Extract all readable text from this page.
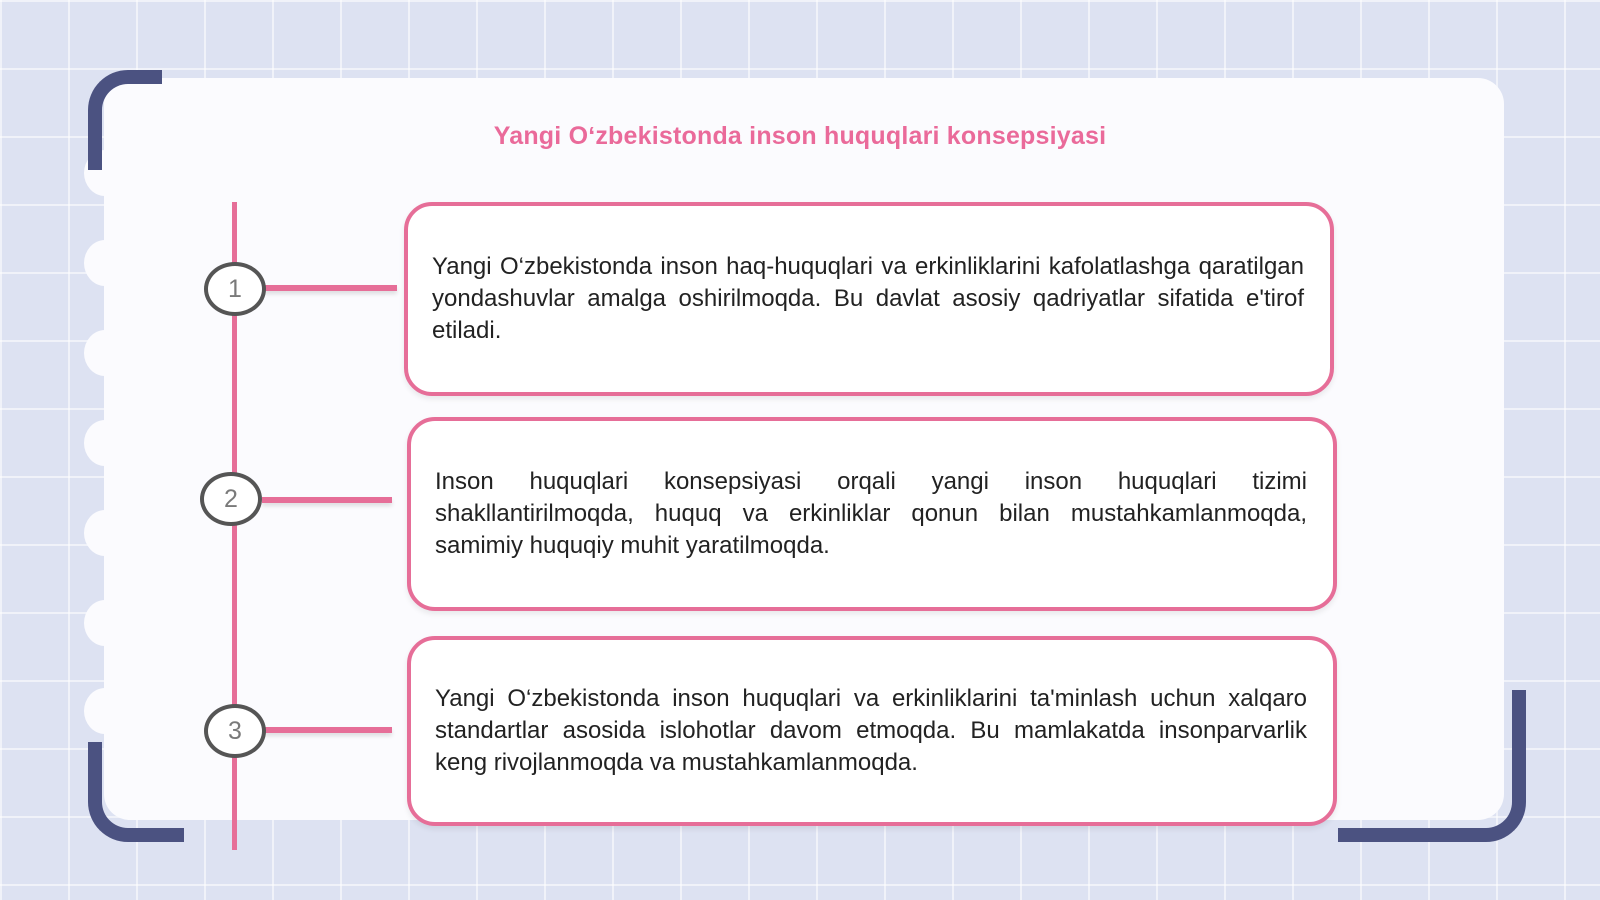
Yangi Oʻzbekistonda inson huquqlari konsepsiyasi
1

Yangi O‘zbekistonda inson haq-huquqlari va erkinliklarini kafolatlashga qaratilgan yondashuvlar amalga oshirilmoqda. Bu davlat asosiy qadriyatlar sifatida e'tirof etiladi.

2

Inson huquqlari konsepsiyasi orqali yangi inson huquqlari tizimi shakllantirilmoqda, huquq va erkinliklar qonun bilan mustahkamlanmoqda, samimiy huquqiy muhit yaratilmoqda.

3

Yangi O‘zbekistonda inson huquqlari va erkinliklarini ta'minlash uchun xalqaro standartlar asosida islohotlar davom etmoqda. Bu mamlakatda insonparvarlik keng rivojlanmoqda va mustahkamlanmoqda.
